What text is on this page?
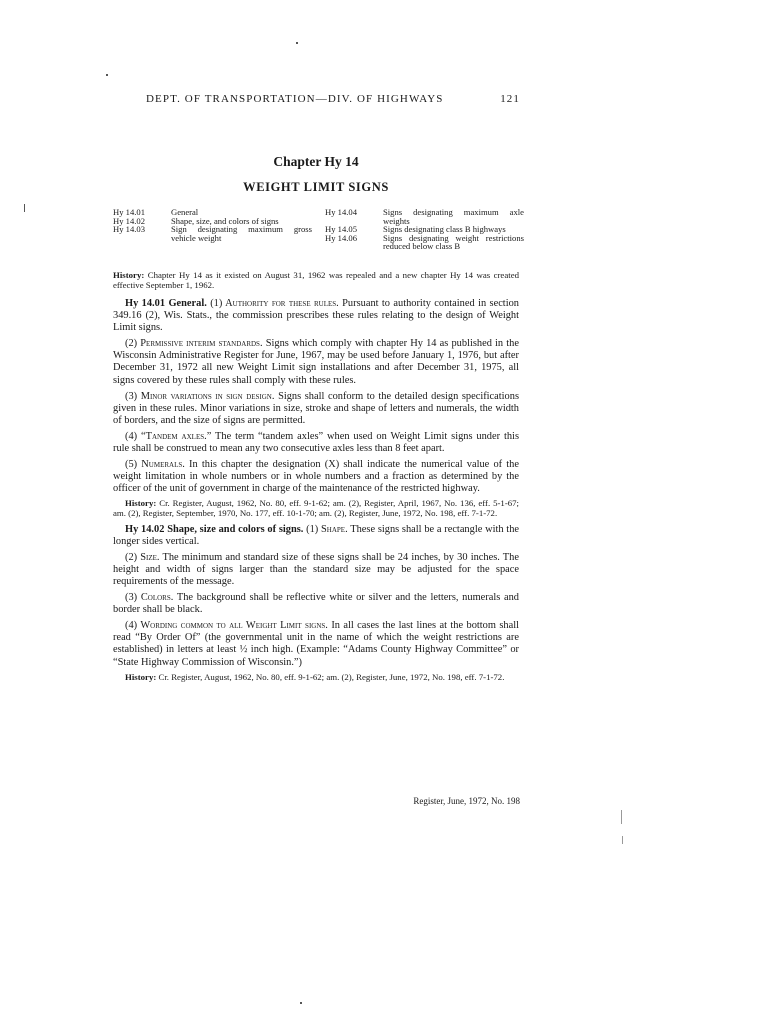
DEPT. OF TRANSPORTATION—DIV. OF HIGHWAYS	121
Chapter Hy 14
WEIGHT LIMIT SIGNS
Hy 14.01	General
Hy 14.02	Shape, size, and colors of signs
Hy 14.03	Sign designating maximum gross vehicle weight
Hy 14.04	Signs designating maximum axle weights
Hy 14.05	Signs designating class B highways
Hy 14.06	Signs designating weight restrictions reduced below class B
History: Chapter Hy 14 as it existed on August 31, 1962 was repealed and a new chapter Hy 14 was created effective September 1, 1962.

Hy 14.01 General. (1) Authority for these rules. Pursuant to authority contained in section 349.16 (2), Wis. Stats., the commission prescribes these rules relating to the design of Weight Limit signs.

(2) Permissive interim standards. Signs which comply with chapter Hy 14 as published in the Wisconsin Administrative Register for June, 1967, may be used before January 1, 1976, but after December 31, 1972 all new Weight Limit sign installations and after December 31, 1975, all signs covered by these rules shall comply with these rules.

(3) Minor variations in sign design. Signs shall conform to the detailed design specifications given in these rules. Minor variations in size, stroke and shape of letters and numerals, the width of borders, and the size of signs are permitted.

(4) “Tandem axles.” The term “tandem axles” when used on Weight Limit signs under this rule shall be construed to mean any two consecutive axles less than 8 feet apart.

(5) Numerals. In this chapter the designation (X) shall indicate the numerical value of the weight limitation in whole numbers or in whole numbers and a fraction as determined by the officer of the unit of government in charge of the maintenance of the restricted highway.

History: Cr. Register, August, 1962, No. 80, eff. 9-1-62; am. (2), Register, April, 1967, No. 136, eff. 5-1-67; am. (2), Register, September, 1970, No. 177, eff. 10-1-70; am. (2), Register, June, 1972, No. 198, eff. 7-1-72.

Hy 14.02 Shape, size and colors of signs. (1) Shape. These signs shall be a rectangle with the longer sides vertical.

(2) Size. The minimum and standard size of these signs shall be 24 inches, by 30 inches. The height and width of signs larger than the standard size may be adjusted for the space requirements of the message.

(3) Colors. The background shall be reflective white or silver and the letters, numerals and border shall be black.

(4) Wording common to all Weight Limit signs. In all cases the last lines at the bottom shall read “By Order Of” (the governmental unit in the name of which the weight restrictions are established) in letters at least ½ inch high. (Example: “Adams County Highway Committee” or “State Highway Commission of Wisconsin.”)

History: Cr. Register, August, 1962, No. 80, eff. 9-1-62; am. (2), Register, June, 1972, No. 198, eff. 7-1-72.

Register, June, 1972, No. 198
